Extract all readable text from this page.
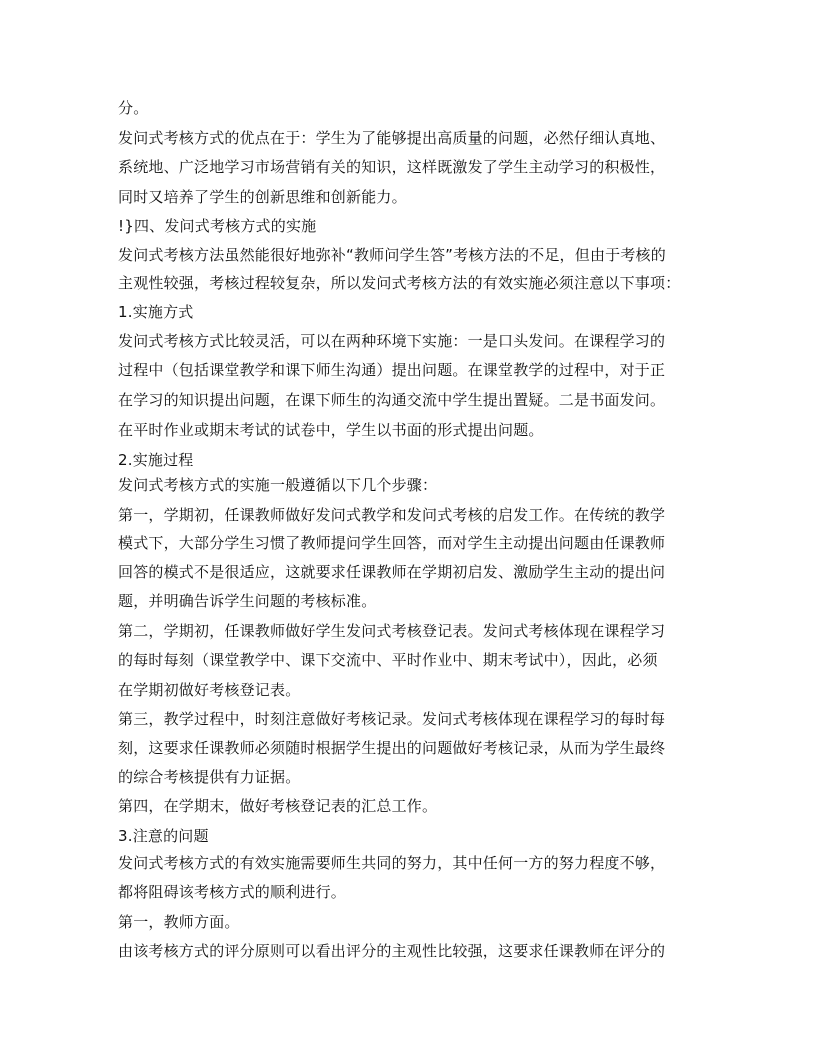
分。
发问式考核方式的优点在于：学生为了能够提出高质量的问题，必然仔细认真地、
系统地、广泛地学习市场营销有关的知识，这样既激发了学生主动学习的积极性，
同时又培养了学生的创新思维和创新能力。
!}四、发问式考核方式的实施
发问式考核方法虽然能很好地弥补“教师问学生答”考核方法的不足，但由于考核的
主观性较强，考核过程较复杂，所以发问式考核方法的有效实施必须注意以下事项：
1.实施方式
发问式考核方式比较灵活，可以在两种环境下实施：一是口头发问。在课程学习的
过程中（包括课堂教学和课下师生沟通）提出问题。在课堂教学的过程中，对于正
在学习的知识提出问题，在课下师生的沟通交流中学生提出置疑。二是书面发问。
在平时作业或期末考试的试卷中，学生以书面的形式提出问题。
2.实施过程
发问式考核方式的实施一般遵循以下几个步骤：
第一，学期初，任课教师做好发问式教学和发问式考核的启发工作。在传统的教学
模式下，大部分学生习惯了教师提问学生回答，而对学生主动提出问题由任课教师
回答的模式不是很适应，这就要求任课教师在学期初启发、激励学生主动的提出问
题，并明确告诉学生问题的考核标准。
第二，学期初，任课教师做好学生发问式考核登记表。发问式考核体现在课程学习
的每时每刻（课堂教学中、课下交流中、平时作业中、期末考试中），因此，必须
在学期初做好考核登记表。
第三，教学过程中，时刻注意做好考核记录。发问式考核体现在课程学习的每时每
刻，这要求任课教师必须随时根据学生提出的问题做好考核记录，从而为学生最终
的综合考核提供有力证据。
第四，在学期末，做好考核登记表的汇总工作。
3.注意的问题
发问式考核方式的有效实施需要师生共同的努力，其中任何一方的努力程度不够，
都将阻碍该考核方式的顺利进行。
第一，教师方面。
由该考核方式的评分原则可以看出评分的主观性比较强，这要求任课教师在评分的
